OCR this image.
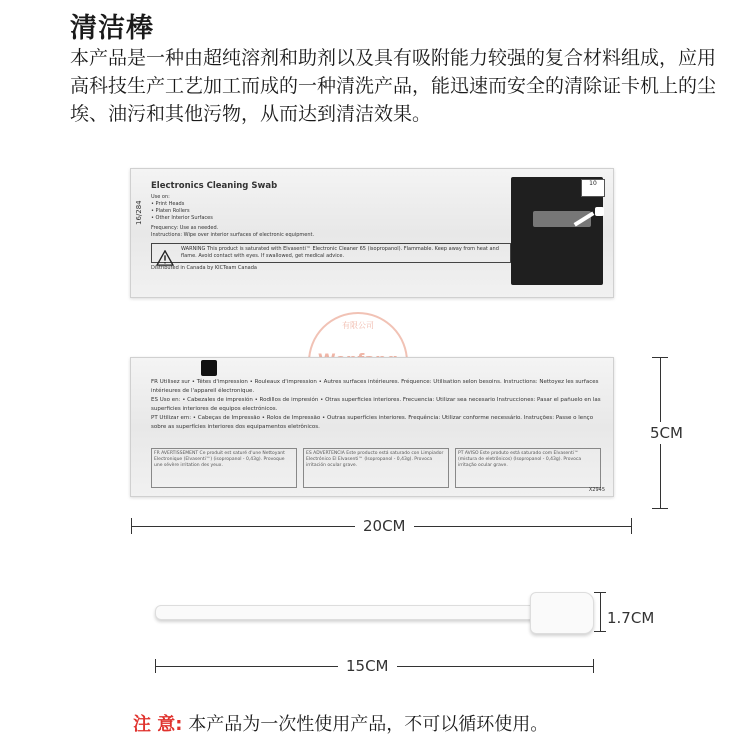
清洁棒
本产品是一种由超纯溶剂和助剂以及具有吸附能力较强的复合材料组成，应用高科技生产工艺加工而成的一种清洗产品，能迅速而安全的清除证卡机上的尘埃、油污和其他污物，从而达到清洁效果。
16/284
Electronics Cleaning Swab
Use on:
• Print Heads
• Platen Rollers
• Other Interior Surfaces
Frequency: Use as needed.
Instructions: Wipe over interior surfaces of electronic equipment.
WARNING This product is saturated with Elvasenti™ Electronic Cleaner 65 (isopropanol). Flammable. Keep away from heat and flame. Avoid contact with eyes. If swallowed, get medical advice.
Distributed in Canada by KICTeam Canada
10
有限公司
FR Utilisez sur • Têtes d'impression • Rouleaux d'impression • Autres surfaces intérieures. Fréquence: Utilisation selon besoins. Instructions: Nettoyez les surfaces intérieures de l'appareil électronique.
ES Uso en: • Cabezales de impresión • Rodillos de impresión • Otras superficies interiores. Frecuencia: Utilizar sea necesario Instrucciones: Pasar el pañuelo en las superficies interiores de equipos electrónicos.
PT Utilizar em: • Cabeças de Impressão • Rolos de Impressão • Outras superfícies interiores. Frequência: Utilizar conforme necessário. Instruções: Passe o lenço sobre as superfícies interiores dos equipamentos eletrônicos.
FR AVERTISSEMENT Ce produit est saturé d'une Nettoyant Electronique (Elvasenti™) (isopropanol - 0,43g). Provoque une sévère irritation des yeux.
ES ADVERTENCIA Este producto está saturado con Limpiador Electrónico El Elvasenti™ (Isopropanol - 0,43g). Provoca irritación ocular grave.
PT AVISO Este produto está saturado com Elvasenti™ (mistura de eletrônicos) (Isopropanol - 0,43g). Provoca irritação ocular grave.
X2945
5CM
20CM
1.7CM
15CM
注 意: 本产品为一次性使用产品，不可以循环使用。
